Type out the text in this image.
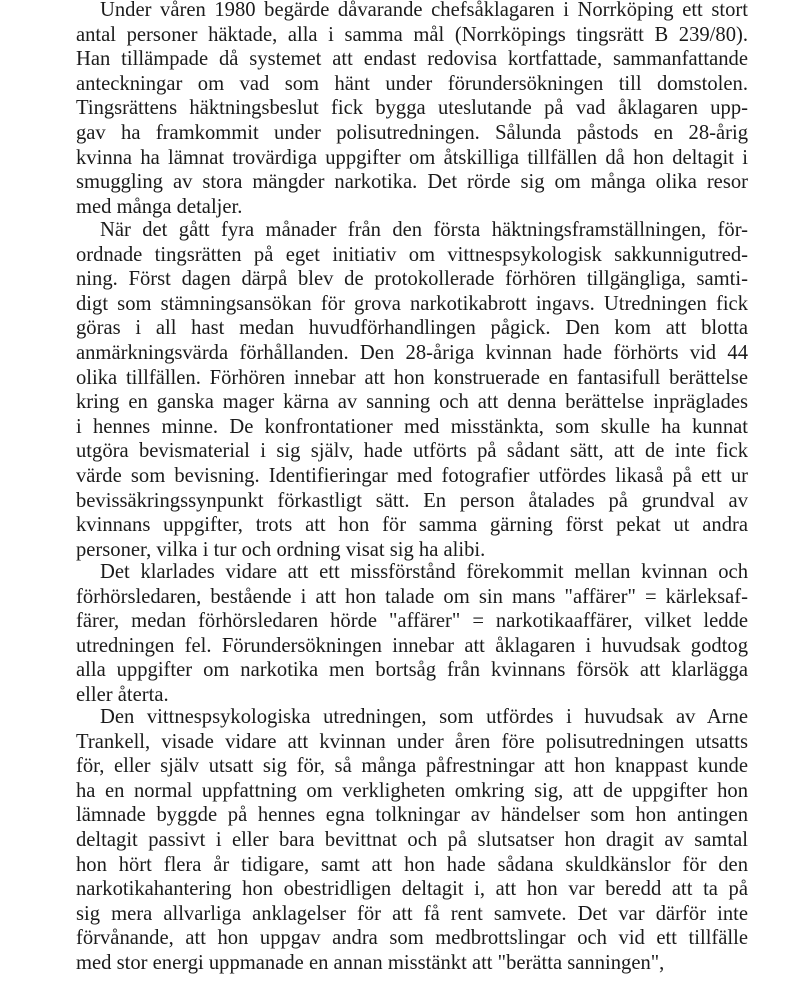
Under våren 1980 begärde dåvarande chefsåklagaren i Norrköping ett stort
antal personer häktade, alla i samma mål (Norrköpings tingsrätt B 239/80).
Han tillämpade då systemet att endast redovisa kortfattade, sammanfattande
anteckningar om vad som hänt under förundersökningen till domstolen.
Tingsrättens häktningsbeslut fick bygga uteslutande på vad åklagaren upp-
gav ha framkommit under polisutredningen. Sålunda påstods en 28-årig
kvinna ha lämnat trovärdiga uppgifter om åtskilliga tillfällen då hon deltagit i
smuggling av stora mängder narkotika. Det rörde sig om många olika resor
med många detaljer.

När det gått fyra månader från den första häktningsframställningen, för-
ordnade tingsrätten på eget initiativ om vittnespsykologisk sakkunnigutred-
ning. Först dagen därpå blev de protokollerade förhören tillgängliga, samti-
digt som stämningsansökan för grova narkotikabrott ingavs. Utredningen fick
göras i all hast medan huvudförhandlingen pågick. Den kom att blotta
anmärkningsvärda förhållanden. Den 28-åriga kvinnan hade förhörts vid 44
olika tillfällen. Förhören innebar att hon konstruerade en fantasifull berättelse
kring en ganska mager kärna av sanning och att denna berättelse inpräglades
i hennes minne. De konfrontationer med misstänkta, som skulle ha kunnat
utgöra bevismaterial i sig själv, hade utförts på sådant sätt, att de inte fick
värde som bevisning. Identifieringar med fotografier utfördes likaså på ett ur
bevissäkringssynpunkt förkastligt sätt. En person åtalades på grundval av
kvinnans uppgifter, trots att hon för samma gärning först pekat ut andra
personer, vilka i tur och ordning visat sig ha alibi.

Det klarlades vidare att ett missförstånd förekommit mellan kvinnan och
förhörsledaren, bestående i att hon talade om sin mans "affärer" = kärleksaf-
färer, medan förhörsledaren hörde "affärer" = narkotikaaffärer, vilket ledde
utredningen fel. Förundersökningen innebar att åklagaren i huvudsak godtog
alla uppgifter om narkotika men bortsåg från kvinnans försök att klarlägga
eller återta.

Den vittnespsykologiska utredningen, som utfördes i huvudsak av Arne
Trankell, visade vidare att kvinnan under åren före polisutredningen utsatts
för, eller själv utsatt sig för, så många påfrestningar att hon knappast kunde
ha en normal uppfattning om verkligheten omkring sig, att de uppgifter hon
lämnade byggde på hennes egna tolkningar av händelser som hon antingen
deltagit passivt i eller bara bevittnat och på slutsatser hon dragit av samtal
hon hört flera år tidigare, samt att hon hade sådana skuldkänslor för den
narkotikahantering hon obestridligen deltagit i, att hon var beredd att ta på
sig mera allvarliga anklagelser för att få rent samvete. Det var därför inte
förvånande, att hon uppgav andra som medbrottslingar och vid ett tillfälle
med stor energi uppmanade en annan misstänkt att "berätta sanningen",
